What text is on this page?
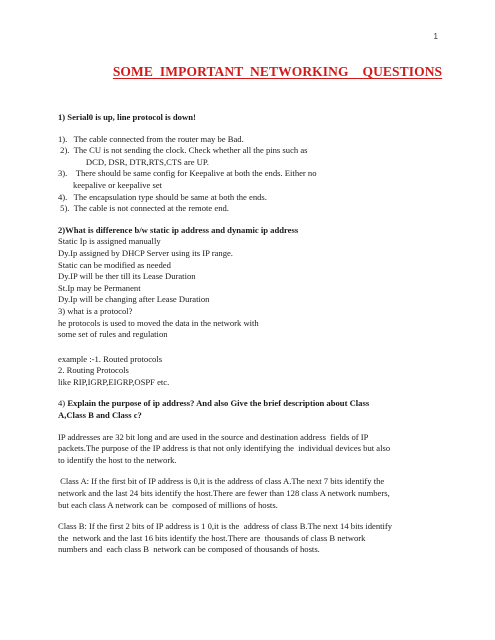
1
SOME  IMPORTANT  NETWORKING    QUESTIONS

1) Serial0 is up, line protocol is down!

1).   The cable connected from the router may be Bad.

2).  The CU is not sending the clock. Check whether all the pins such as

DCD, DSR, DTR,RTS,CTS are UP.

3).    There should be same config for Keepalive at both the ends. Either no

keepalive or keepalive set

4).   The encapsulation type should be same at both the ends.

5).  The cable is not connected at the remote end.

2)What is difference b/w static ip address and dynamic ip address

Static Ip is assigned manually

Dy.Ip assigned by DHCP Server using its IP range.

Static can be modified as needed

Dy.IP will be ther till its Lease Duration

St.Ip may be Permanent

Dy.Ip will be changing after Lease Duration

3) what is a protocol?

he protocols is used to moved the data in the network with

some set of rules and regulation

example :-1. Routed protocols

2. Routing Protocols

like RIP,IGRP,EIGRP,OSPF etc.

4) Explain the purpose of ip address? And also Give the brief description about Class

A,Class B and Class c?

IP addresses are 32 bit long and are used in the source and destination address  fields of IP

packets.The purpose of the IP address is that not only identifying the  individual devices but also

to identify the host to the network.

Class A: If the first bit of IP address is 0,it is the address of class A.The next 7 bits identify the

network and the last 24 bits identify the host.There are fewer than 128 class A network numbers,

but each class A network can be  composed of millions of hosts.

Class B: If the first 2 bits of IP address is 1 0,it is the  address of class B.The next 14 bits identify

the  network and the last 16 bits identify the host.There are  thousands of class B network

numbers and  each class B  network can be composed of thousands of hosts.
